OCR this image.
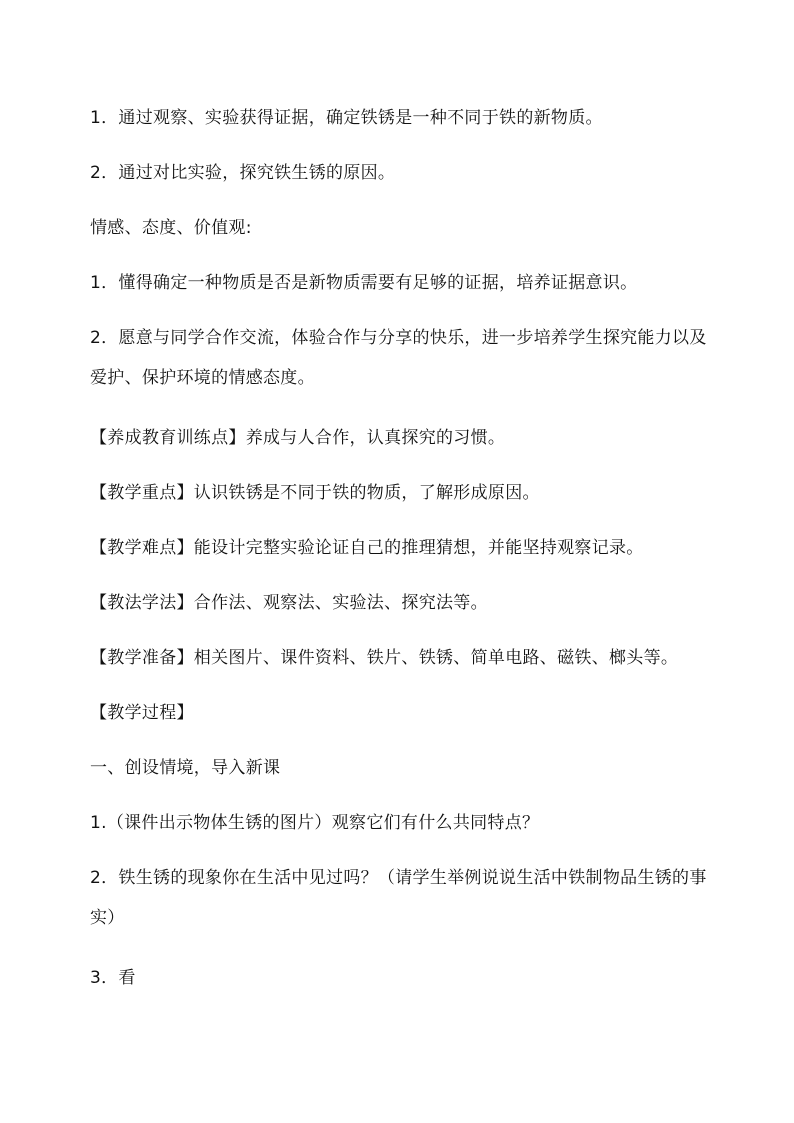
1．通过观察、实验获得证据，确定铁锈是一种不同于铁的新物质。

2．通过对比实验，探究铁生锈的原因。

情感、态度、价值观:

1．懂得确定一种物质是否是新物质需要有足够的证据，培养证据意识。

2．愿意与同学合作交流，体验合作与分享的快乐，进一步培养学生探究能力以及爱护、保护环境的情感态度。

【养成教育训练点】养成与人合作，认真探究的习惯。

【教学重点】认识铁锈是不同于铁的物质，了解形成原因。

【教学难点】能设计完整实验论证自己的推理猜想，并能坚持观察记录。

【教法学法】合作法、观察法、实验法、探究法等。

【教学准备】相关图片、课件资料、铁片、铁锈、简单电路、磁铁、榔头等。

【教学过程】

一、创设情境，导入新课

1.（课件出示物体生锈的图片）观察它们有什么共同特点？

2．铁生锈的现象你在生活中见过吗？（请学生举例说说生活中铁制物品生锈的事实）

3．看
